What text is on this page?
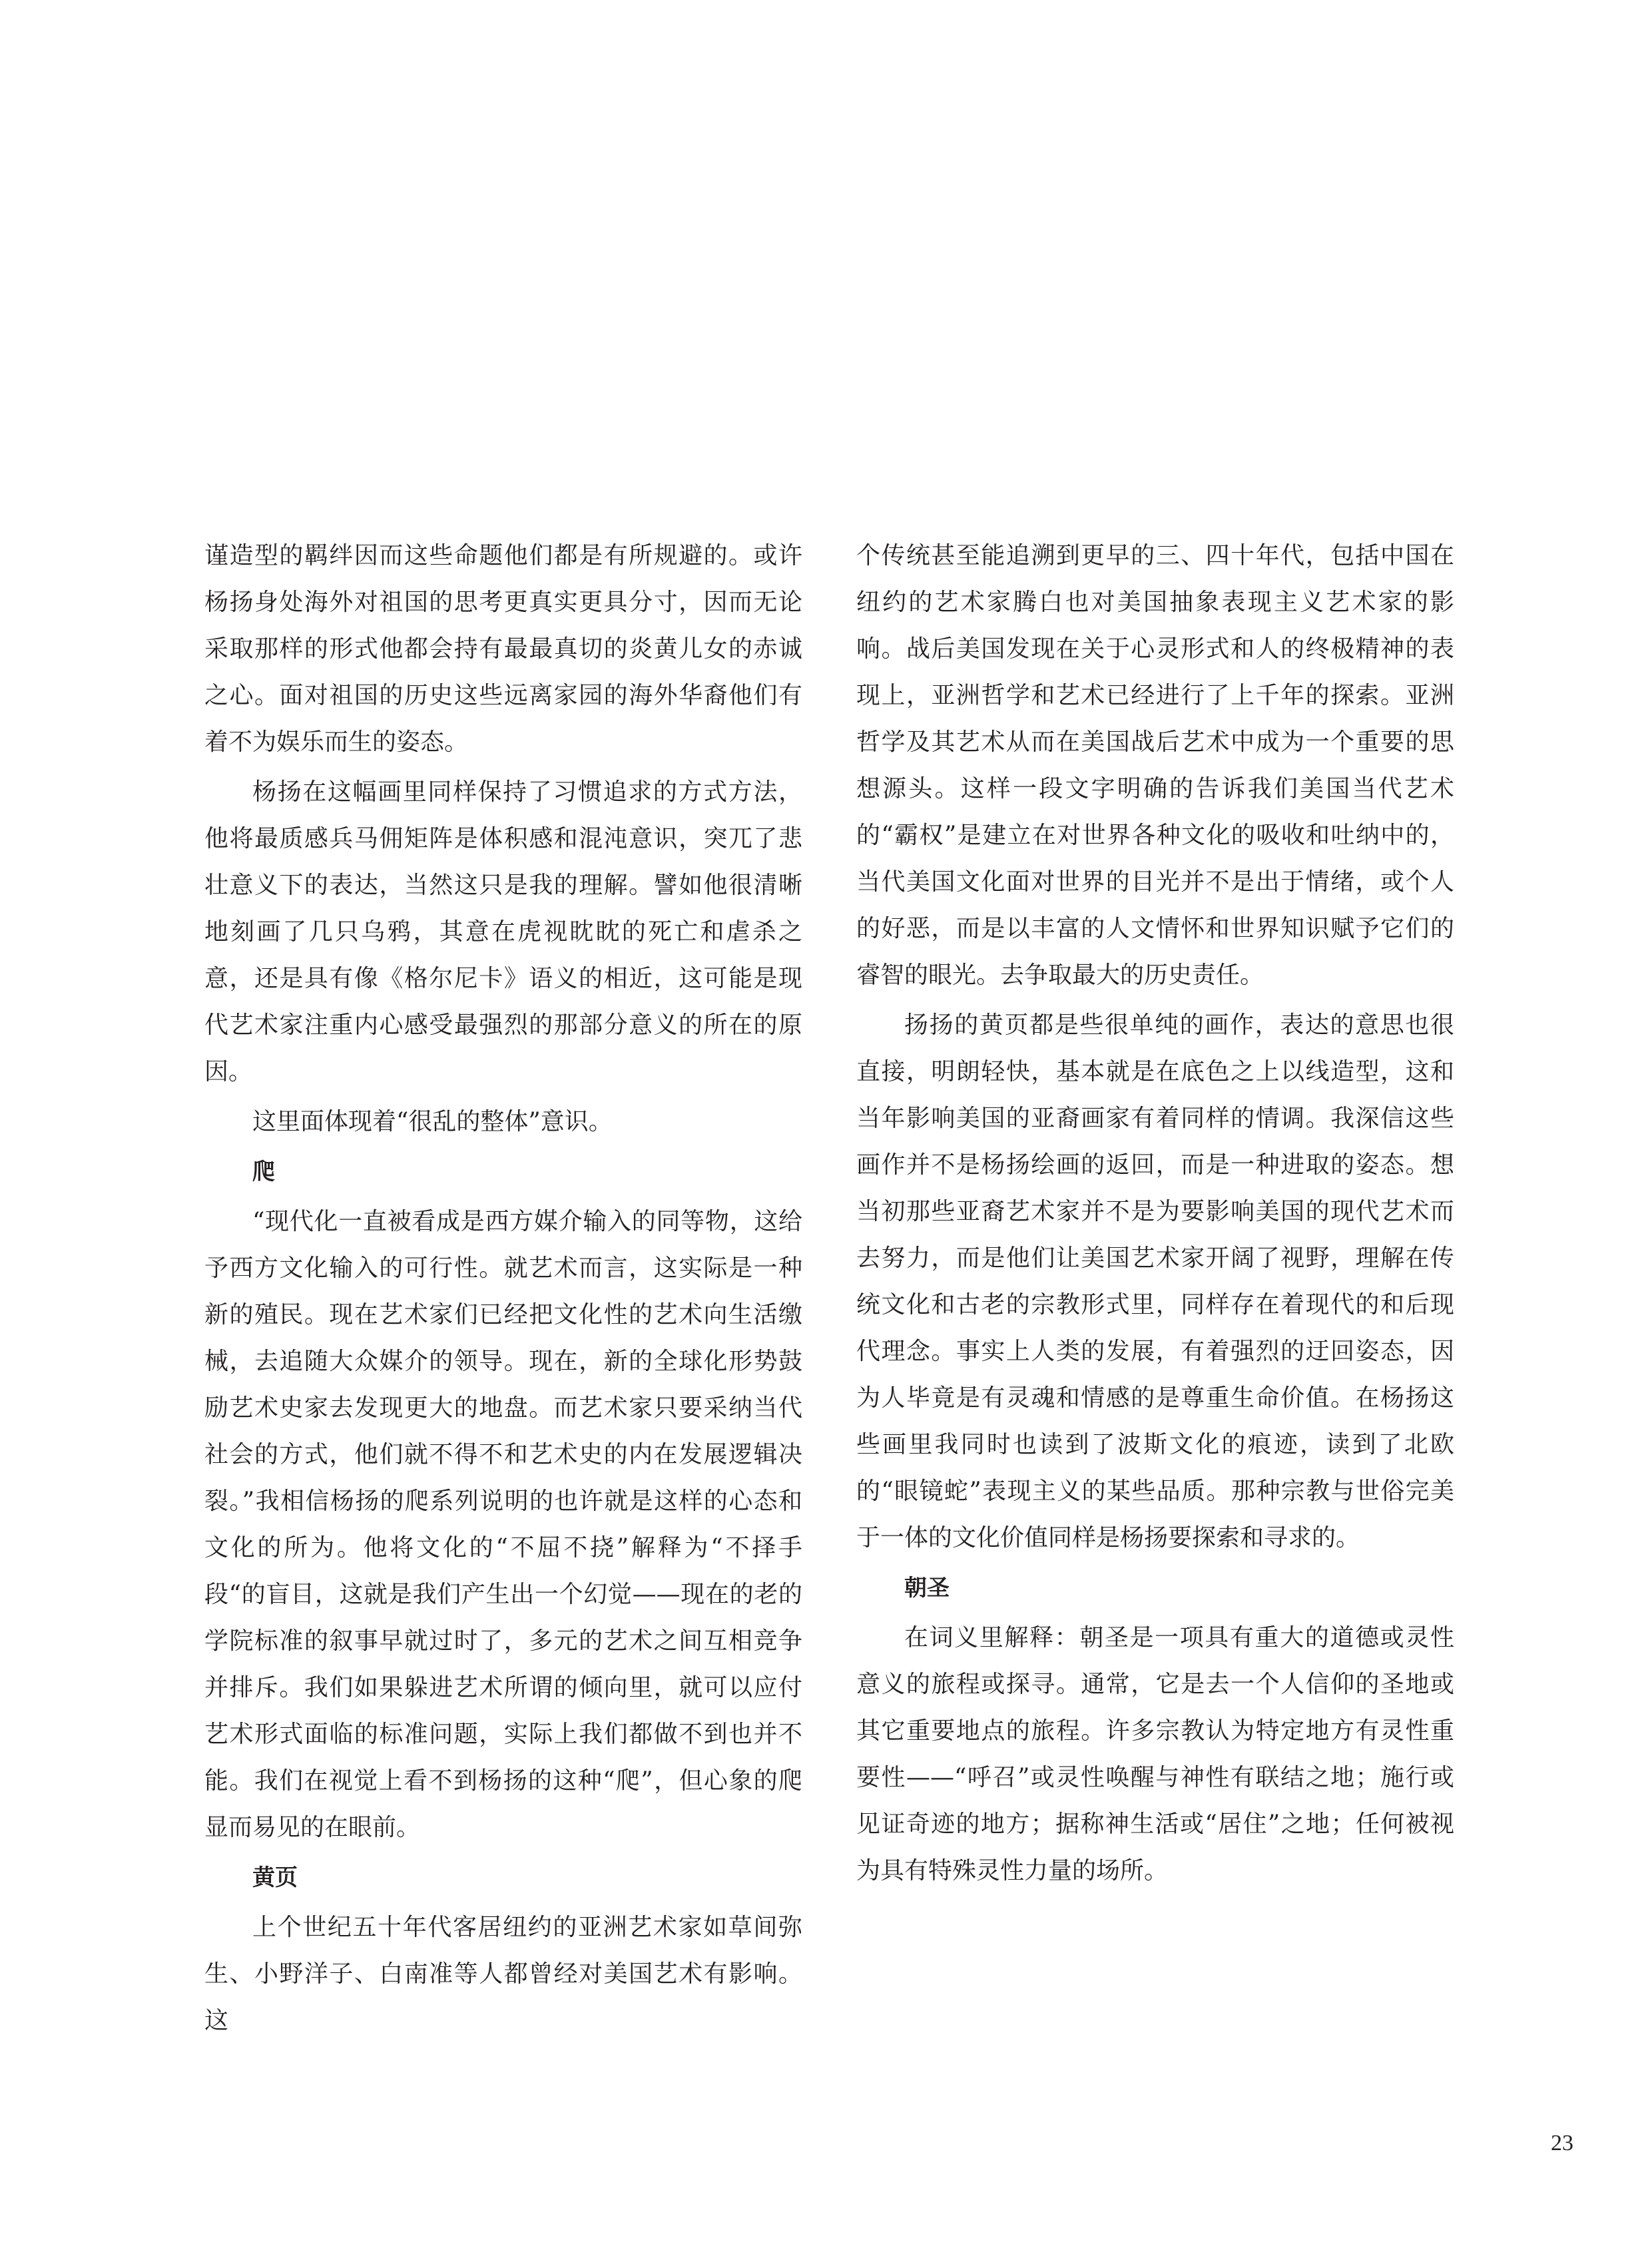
谨造型的羁绊因而这些命题他们都是有所规避的。或许杨扬身处海外对祖国的思考更真实更具分寸，因而无论采取那样的形式他都会持有最最真切的炎黄儿女的赤诚之心。面对祖国的历史这些远离家园的海外华裔他们有着不为娱乐而生的姿态。

杨扬在这幅画里同样保持了习惯追求的方式方法，他将最质感兵马佣矩阵是体积感和混沌意识，突兀了悲壮意义下的表达，当然这只是我的理解。譬如他很清晰地刻画了几只乌鸦，其意在虎视眈眈的死亡和虐杀之意，还是具有像《格尔尼卡》语义的相近，这可能是现代艺术家注重内心感受最强烈的那部分意义的所在的原因。

这里面体现着“很乱的整体”意识。

爬

“现代化一直被看成是西方媒介输入的同等物，这给予西方文化输入的可行性。就艺术而言，这实际是一种新的殖民。现在艺术家们已经把文化性的艺术向生活缴械，去追随大众媒介的领导。现在，新的全球化形势鼓励艺术史家去发现更大的地盘。而艺术家只要采纳当代社会的方式，他们就不得不和艺术史的内在发展逻辑决裂。”我相信杨扬的爬系列说明的也许就是这样的心态和文化的所为。他将文化的“不屈不挠”解释为“不择手段“的盲目，这就是我们产生出一个幻觉——现在的老的学院标准的叙事早就过时了，多元的艺术之间互相竞争并排斥。我们如果躲进艺术所谓的倾向里，就可以应付艺术形式面临的标准问题，实际上我们都做不到也并不能。我们在视觉上看不到杨扬的这种“爬”，但心象的爬显而易见的在眼前。

黄页

上个世纪五十年代客居纽约的亚洲艺术家如草间弥生、小野洋子、白南准等人都曾经对美国艺术有影响。这

个传统甚至能追溯到更早的三、四十年代，包括中国在纽约的艺术家腾白也对美国抽象表现主义艺术家的影响。战后美国发现在关于心灵形式和人的终极精神的表现上，亚洲哲学和艺术已经进行了上千年的探索。亚洲哲学及其艺术从而在美国战后艺术中成为一个重要的思想源头。这样一段文字明确的告诉我们美国当代艺术的“霸权”是建立在对世界各种文化的吸收和吐纳中的，当代美国文化面对世界的目光并不是出于情绪，或个人的好恶，而是以丰富的人文情怀和世界知识赋予它们的睿智的眼光。去争取最大的历史责任。

扬扬的黄页都是些很单纯的画作，表达的意思也很直接，明朗轻快，基本就是在底色之上以线造型，这和当年影响美国的亚裔画家有着同样的情调。我深信这些画作并不是杨扬绘画的返回，而是一种进取的姿态。想当初那些亚裔艺术家并不是为要影响美国的现代艺术而去努力，而是他们让美国艺术家开阔了视野，理解在传统文化和古老的宗教形式里，同样存在着现代的和后现代理念。事实上人类的发展，有着强烈的迂回姿态，因为人毕竟是有灵魂和情感的是尊重生命价值。在杨扬这些画里我同时也读到了波斯文化的痕迹，读到了北欧的“眼镜蛇”表现主义的某些品质。那种宗教与世俗完美于一体的文化价值同样是杨扬要探索和寻求的。

朝圣

在词义里解释：朝圣是一项具有重大的道德或灵性意义的旅程或探寻。通常，它是去一个人信仰的圣地或其它重要地点的旅程。许多宗教认为特定地方有灵性重要性——“呼召”或灵性唤醒与神性有联结之地；施行或见证奇迹的地方；据称神生活或“居住”之地；任何被视为具有特殊灵性力量的场所。

23
